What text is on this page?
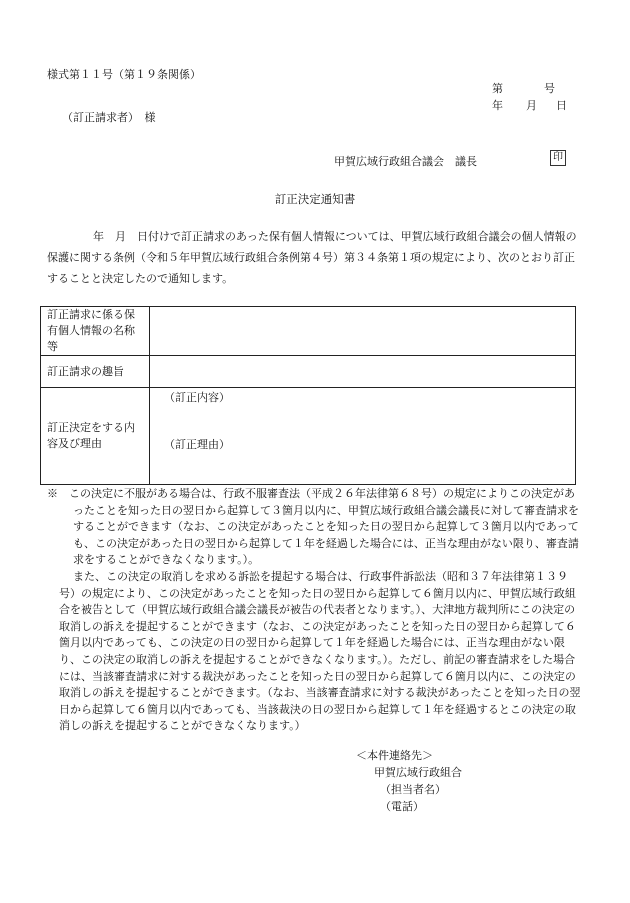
様式第１１号（第１９条関係）
第	号
年 月 日
（訂正請求者）　様
甲賀広域行政組合議会　議長	印
訂正決定通知書
年　月　日付けで訂正請求のあった保有個人情報については、甲賀広域行政組合議会の個人情報の保護に関する条例（令和５年甲賀広域行政組合条例第４号）第３４条第１項の規定により、次のとおり訂正することと決定したので通知します。
訂正請求に係る保有個人情報の名称等	
訂正請求の趣旨	
訂正決定をする内容及び理由	（訂正内容）
（訂正理由）

※　この決定に不服がある場合は、行政不服審査法（平成２６年法律第６８号）の規定によりこの決定があったことを知った日の翌日から起算して３箇月以内に、甲賀広域行政組合議会議長に対して審査請求をすることができます（なお、この決定があったことを知った日の翌日から起算して３箇月以内であっても、この決定があった日の翌日から起算して１年を経過した場合には、正当な理由がない限り、審査請求をすることができなくなります。）。

また、この決定の取消しを求める訴訟を提起する場合は、行政事件訴訟法（昭和３７年法律第１３９号）の規定により、この決定があったことを知った日の翌日から起算して６箇月以内に、甲賀広域行政組合を被告として（甲賀広域行政組合議会議長が被告の代表者となります。）、大津地方裁判所にこの決定の取消しの訴えを提起することができます（なお、この決定があったことを知った日の翌日から起算して６箇月以内であっても、この決定の日の翌日から起算して１年を経過した場合には、正当な理由がない限り、この決定の取消しの訴えを提起することができなくなります。）。ただし、前記の審査請求をした場合には、当該審査請求に対する裁決があったことを知った日の翌日から起算して６箇月以内に、この決定の取消しの訴えを提起することができます。（なお、当該審査請求に対する裁決があったことを知った日の翌日から起算して６箇月以内であっても、当該裁決の日の翌日から起算して１年を経過するとこの決定の取消しの訴えを提起することができなくなります。）

＜本件連絡先＞
甲賀広域行政組合
（担当者名）
（電話）
